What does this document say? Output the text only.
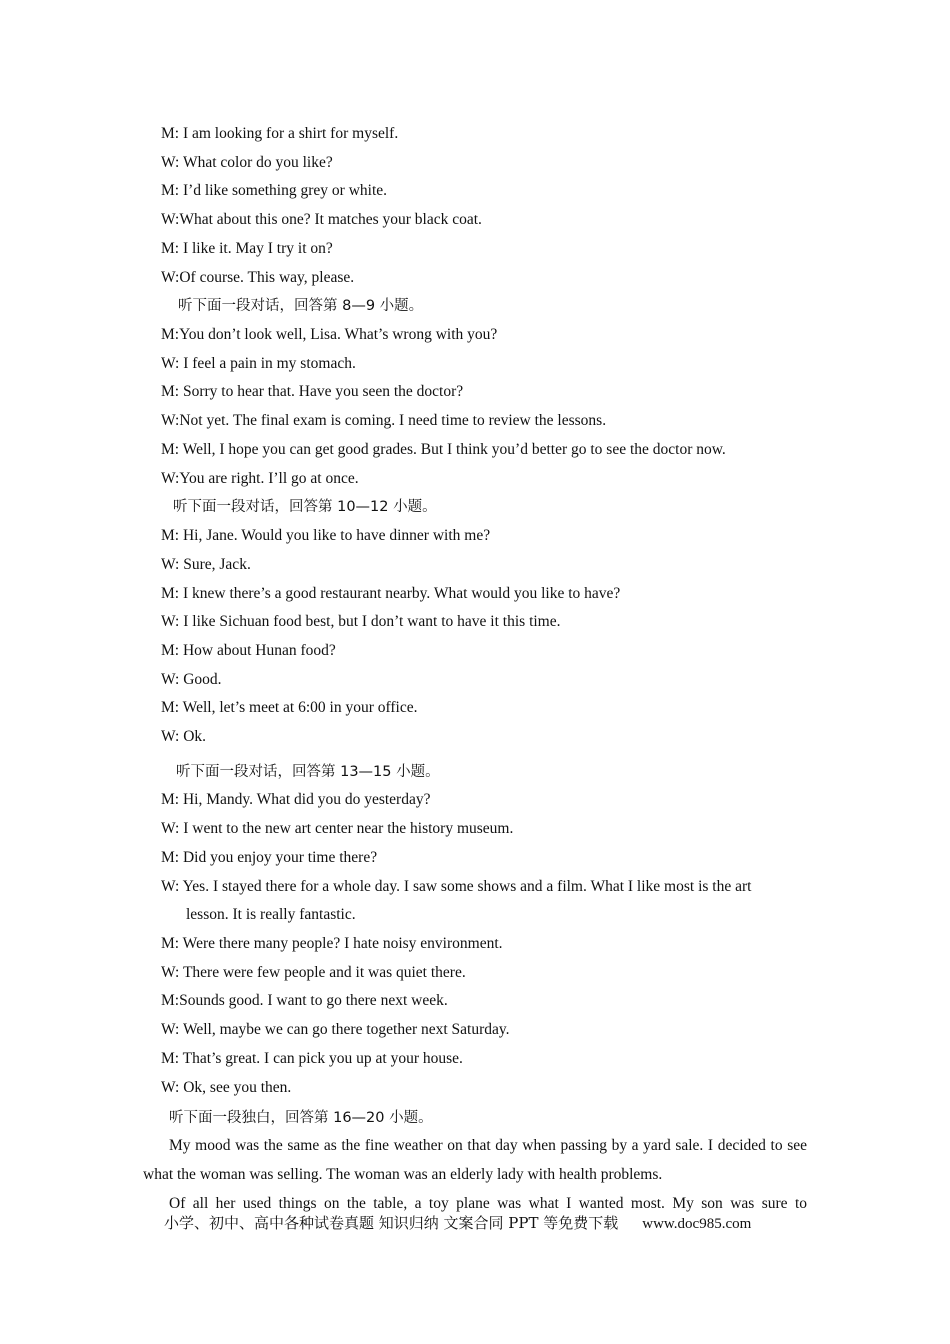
M: I am looking for a shirt for myself.
W: What color do you like?
M: I’d like something grey or white.
W:What about this one? It matches your black coat.
M: I like it. May I try it on?
W:Of course. This way, please.
听下面一段对话，回答第 8—9 小题。
M:You don’t look well, Lisa. What’s wrong with you?
W: I feel a pain in my stomach.
M: Sorry to hear that. Have you seen the doctor?
W:Not yet. The final exam is coming. I need time to review the lessons.
M: Well, I hope you can get good grades. But I think you’d better go to see the doctor now.
W:You are right. I’ll go at once.
听下面一段对话，回答第 10—12 小题。
M: Hi, Jane. Would you like to have dinner with me?
W: Sure, Jack.
M: I knew there’s a good restaurant nearby. What would you like to have?
W: I like Sichuan food best, but I don’t want to have it this time.
M: How about Hunan food?
W: Good.
M: Well, let’s meet at 6:00 in your office.
W: Ok.
听下面一段对话，回答第 13—15 小题。
M: Hi, Mandy. What did you do yesterday?
W: I went to the new art center near the history museum.
M: Did you enjoy your time there?
W: Yes. I stayed there for a whole day. I saw some shows and a film. What I like most is the art
lesson. It is really fantastic.
M: Were there many people? I hate noisy environment.
W: There were few people and it was quiet there.
M:Sounds good. I want to go there next week.
W: Well, maybe we can go there together next Saturday.
M: That’s great. I can pick you up at your house.
W: Ok, see you then.
听下面一段独白，回答第 16—20 小题。
My mood was the same as the fine weather on that day when passing by a yard sale. I decided to see what the woman was selling. The woman was an elderly lady with health problems.
Of all her used things on the table, a toy plane was what I wanted most. My son was sure to
小学、初中、高中各种试卷真题 知识归纳 文案合同 PPT 等免费下载 www.doc985.com
